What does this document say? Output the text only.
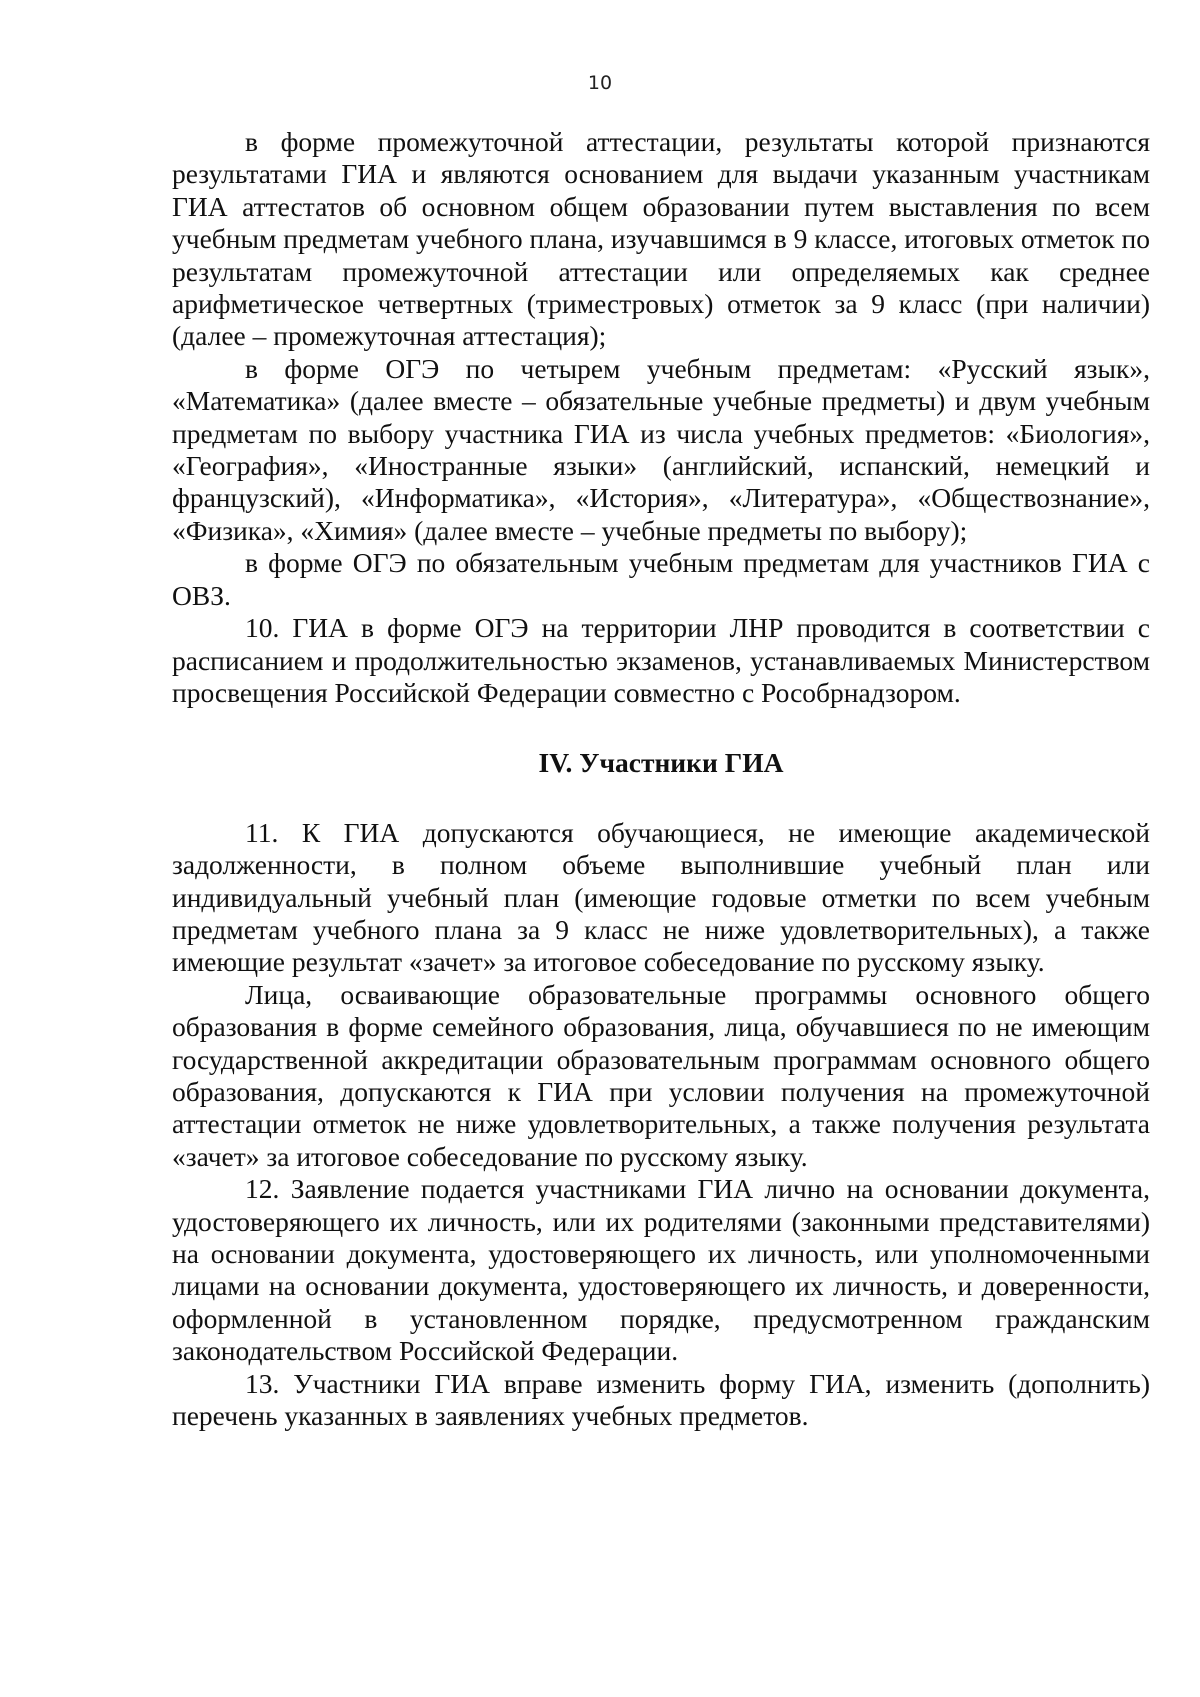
10

в форме промежуточной аттестации, результаты которой признаются результатами ГИА и являются основанием для выдачи указанным участникам ГИА аттестатов об основном общем образовании путем выставления по всем учебным предметам учебного плана, изучавшимся в 9 классе, итоговых отметок по результатам промежуточной аттестации или определяемых как среднее арифметическое четвертных (триместровых) отметок за 9 класс (при наличии) (далее – промежуточная аттестация);

в форме ОГЭ по четырем учебным предметам: «Русский язык», «Математика» (далее вместе – обязательные учебные предметы) и двум учебным предметам по выбору участника ГИА из числа учебных предметов: «Биология», «География», «Иностранные языки» (английский, испанский, немецкий и французский), «Информатика», «История», «Литература», «Обществознание», «Физика», «Химия» (далее вместе – учебные предметы по выбору);

в форме ОГЭ по обязательным учебным предметам для участников ГИА с ОВЗ.

10. ГИА в форме ОГЭ на территории ЛНР проводится в соответствии с расписанием и продолжительностью экзаменов, устанавливаемых Министерством просвещения Российской Федерации совместно с Рособрнадзором.

IV. Участники ГИА

11. К ГИА допускаются обучающиеся, не имеющие академической задолженности, в полном объеме выполнившие учебный план или индивидуальный учебный план (имеющие годовые отметки по всем учебным предметам учебного плана за 9 класс не ниже удовлетворительных), а также имеющие результат «зачет» за итоговое собеседование по русскому языку.

Лица, осваивающие образовательные программы основного общего образования в форме семейного образования, лица, обучавшиеся по не имеющим государственной аккредитации образовательным программам основного общего образования, допускаются к ГИА при условии получения на промежуточной аттестации отметок не ниже удовлетворительных, а также получения результата «зачет» за итоговое собеседование по русскому языку.

12. Заявление подается участниками ГИА лично на основании документа, удостоверяющего их личность, или их родителями (законными представителями) на основании документа, удостоверяющего их личность, или уполномоченными лицами на основании документа, удостоверяющего их личность, и доверенности, оформленной в установленном порядке, предусмотренном гражданским законодательством Российской Федерации.

13. Участники ГИА вправе изменить форму ГИА, изменить (дополнить) перечень указанных в заявлениях учебных предметов.
